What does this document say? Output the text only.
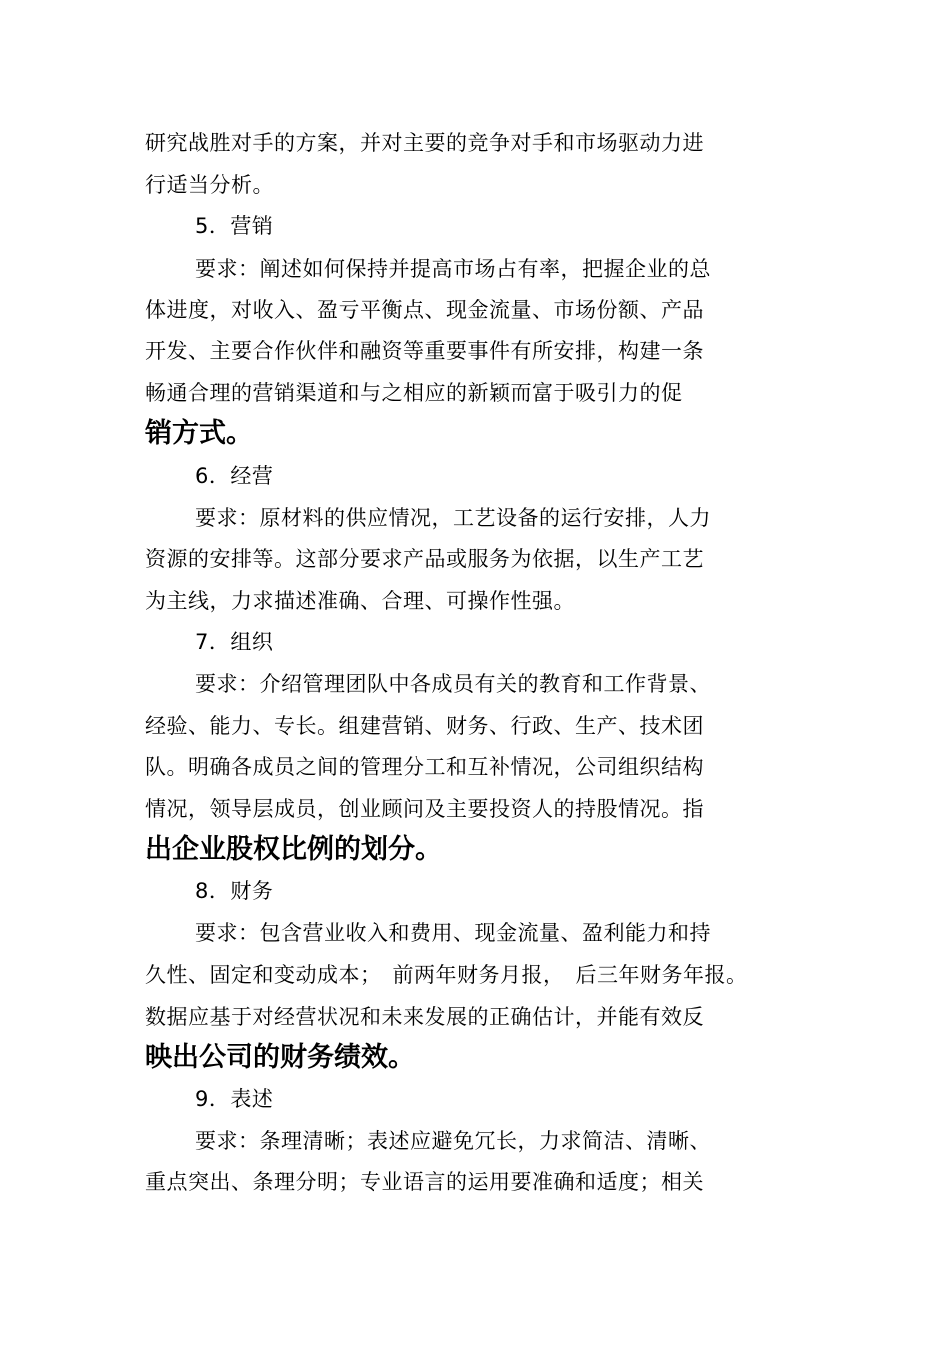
研究战胜对手的方案，并对主要的竞争对手和市场驱动力进
行适当分析。
5．营销
要求：阐述如何保持并提高市场占有率，把握企业的总
体进度，对收入、盈亏平衡点、现金流量、市场份额、产品
开发、主要合作伙伴和融资等重要事件有所安排，构建一条
畅通合理的营销渠道和与之相应的新颖而富于吸引力的促
销方式。
6．经营
要求：原材料的供应情况，工艺设备的运行安排，人力
资源的安排等。这部分要求产品或服务为依据，以生产工艺
为主线，力求描述准确、合理、可操作性强。
7．组织
要求：介绍管理团队中各成员有关的教育和工作背景、
经验、能力、专长。组建营销、财务、行政、生产、技术团
队。明确各成员之间的管理分工和互补情况，公司组织结构
情况，领导层成员，创业顾问及主要投资人的持股情况。指
出企业股权比例的划分。
8．财务
要求：包含营业收入和费用、现金流量、盈利能力和持
久性、固定和变动成本；　前两年财务月报，　后三年财务年报。
数据应基于对经营状况和未来发展的正确估计，并能有效反
映出公司的财务绩效。
9．表述
要求：条理清晰；表述应避免冗长，力求简洁、清晰、
重点突出、条理分明；专业语言的运用要准确和适度；相关
